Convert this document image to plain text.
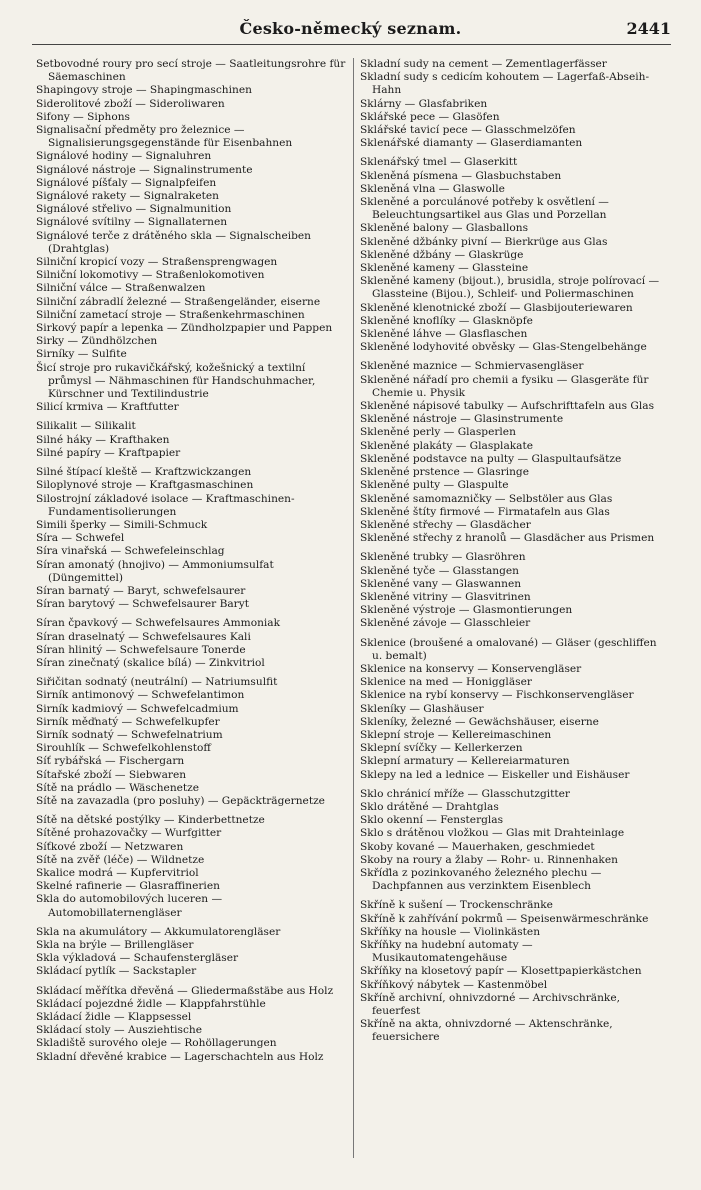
Česko-německý seznam.	2441

Setbovodné roury pro secí stroje — Saatleitungsrohre für Säemaschinen

Shapingovy stroje — Shapingmaschinen

Siderolitové zboží — Sideroliwaren

Sifony — Siphons

Signalisační předměty pro železnice — Signalisierungsgegenstände für Eisenbahnen

Signálové hodiny — Signaluhren

Signálové nástroje — Signalinstrumente

Signálové píšťaly — Signalpfeifen

Signálové rakety — Signalraketen

Signálové střelivo — Signalmunition

Signálové svítilny — Signallaternen

Signálové terče z drátěného skla — Signalscheiben (Drahtglas)

Silniční kropicí vozy — Straßensprengwagen

Silniční lokomotivy — Straßenlokomotiven

Silniční válce — Straßenwalzen

Silniční zábradlí železné — Straßengeländer, eiserne

Silniční zametací stroje — Straßenkehrmaschinen

Sirkový papír a lepenka — Zündholzpapier und Pappen

Sirky — Zündhölzchen

Sirníky — Sulfite

Šicí stroje pro rukavičkářský, kožešnický a textilní průmysl — Nähmaschinen für Handschuhmacher, Kürschner und Textilindustrie

Silicí krmiva — Kraftfutter

Silikalit — Silikalit

Silné háky — Krafthaken

Silné papíry — Kraftpapier

Silné štípací kleště — Kraftzwickzangen

Siloplynové stroje — Kraftgasmaschinen

Silostrojní základové isolace — Kraftmaschinen-Fundamentisolierungen

Simili šperky — Simili-Schmuck

Síra — Schwefel

Síra vinařská — Schwefeleinschlag

Síran amonatý (hnojivo) — Ammoniumsulfat (Düngemittel)

Síran barnatý — Baryt, schwefelsaurer

Síran barytový — Schwefelsaurer Baryt

Síran čpavkový — Schwefelsaures Ammoniak

Síran draselnatý — Schwefelsaures Kali

Síran hlinitý — Schwefelsaure Tonerde

Síran zinečnatý (skalice bílá) — Zinkvitriol

Siřičitan sodnatý (neutrální) — Natriumsulfit

Sirník antimonový — Schwefelantimon

Sirník kadmiový — Schwefelcadmium

Sirník měďnatý — Schwefelkupfer

Sirník sodnatý — Schwefelnatrium

Sirouhlík — Schwefelkohlenstoff

Síť rybářská — Fischergarn

Sítařské zboží — Siebwaren

Sítě na prádlo — Wäschenetze

Sítě na zavazadla (pro posluhy) — Gepäckträgernetze

Sítě na dětské postýlky — Kinderbettnetze

Sítěné prohazovačky — Wurfgitter

Síťkové zboží — Netzwaren

Sítě na zvěř (léče) — Wildnetze

Skalice modrá — Kupfervitriol

Skelné rafinerie — Glasraffinerien

Skla do automobilových luceren — Automobillaternengläser

Skla na akumulátory — Akkumulatorengläser

Skla na brýle — Brillengläser

Skla výkladová — Schaufenstergläser

Skládací pytlík — Sackstapler

Skládací měřítka dřevěná — Gliedermaßstäbe aus Holz

Skládací pojezdné židle — Klappfahrstühle

Skládací židle — Klappsessel

Skládací stoly — Ausziehtische

Skladiště surového oleje — Rohöllagerungen

Skladní dřevěné krabice — Lagerschachteln aus Holz

Skladní sudy na cement — Zementlagerfässer

Skladní sudy s cedicím kohoutem — Lagerfaß-Abseih-Hahn

Sklárny — Glasfabriken

Sklářské pece — Glasöfen

Sklářské tavicí pece — Glasschmelzöfen

Sklenářské diamanty — Glaserdiamanten

Sklenářský tmel — Glaserkitt

Skleněná písmena — Glasbuchstaben

Skleněná vlna — Glaswolle

Skleněné a porculánové potřeby k osvětlení — Beleuchtungsartikel aus Glas und Porzellan

Skleněné balony — Glasballons

Skleněné džbánky pivní — Bierkrüge aus Glas

Skleněné džbány — Glaskrüge

Skleněné kameny — Glassteine

Skleněné kameny (bijout.), brusidla, stroje polírovací — Glassteine (Bijou.), Schleif- und Poliermaschinen

Skleněné klenotnické zboží — Glasbijouteriewaren

Skleněné knoflíky — Glasknöpfe

Skleněné láhve — Glasflaschen

Skleněné lodyhovité obvěsky — Glas-Stengelbehänge

Skleněné maznice — Schmiervasengläser

Skleněné nářadí pro chemii a fysiku — Glasgeräte für Chemie u. Physik

Skleněné nápisové tabulky — Aufschrifttafeln aus Glas

Skleněné nástroje — Glasinstrumente

Skleněné perly — Glasperlen

Skleněné plakáty — Glasplakate

Skleněné podstavce na pulty — Glaspultaufsätze

Skleněné prstence — Glasringe

Skleněné pulty — Glaspulte

Skleněné samomazničky — Selbstöler aus Glas

Skleněné štíty firmové — Firmatafeln aus Glas

Skleněné střechy — Glasdächer

Skleněné střechy z hranolů — Glasdächer aus Prismen

Skleněné trubky — Glasröhren

Skleněné tyče — Glasstangen

Skleněné vany — Glaswannen

Skleněné vitriny — Glasvitrinen

Skleněné výstroje — Glasmontierungen

Skleněné závoje — Glasschleier

Sklenice (broušené a omalované) — Gläser (geschliffen u. bemalt)

Sklenice na konservy — Konservengläser

Sklenice na med — Honiggläser

Sklenice na rybí konservy — Fischkonservengläser

Skleníky — Glashäuser

Skleníky, železné — Gewächshäuser, eiserne

Sklepní stroje — Kellereimaschinen

Sklepní svíčky — Kellerkerzen

Sklepní armatury — Kellereiarmaturen

Sklepy na led a lednice — Eiskeller und Eishäuser

Sklo chránicí mříže — Glasschutzgitter

Sklo drátěné — Drahtglas

Sklo okenní — Fensterglas

Sklo s drátěnou vložkou — Glas mit Drahteinlage

Skoby kované — Mauerhaken, geschmiedet

Skoby na roury a žlaby — Rohr- u. Rinnenhaken

Skříďla z pozinkovaného železného plechu — Dachpfannen aus verzinktem Eisenblech

Skříně k sušení — Trockenschränke

Skříně k zahřívání pokrmů — Speisenwärmeschränke

Skříňky na housle — Violinkästen

Skříňky na hudební automaty — Musikautomatengehäuse

Skříňky na klosetový papír — Klosettpapierkästchen

Skříňkový nábytek — Kastenmöbel

Skříně archivní, ohnivzdorné — Archivschränke, feuerfest

Skříně na akta, ohnivzdorné — Aktenschränke, feuersichere
